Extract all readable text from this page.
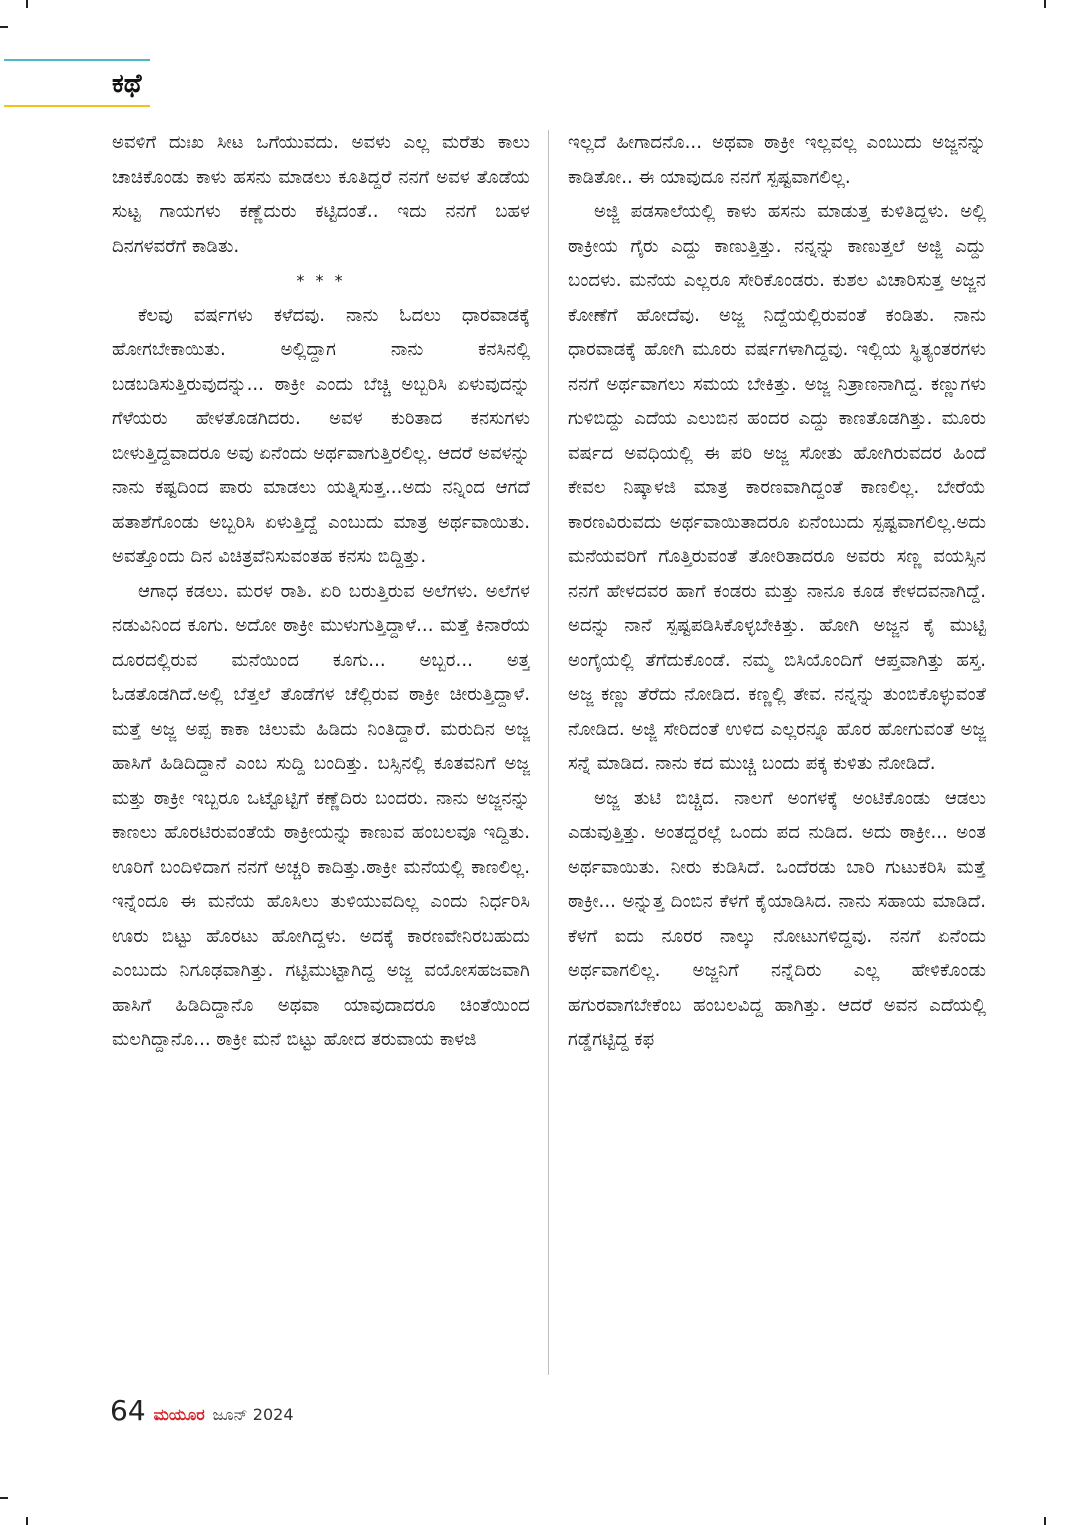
ಕಥೆ

ಅವಳಿಗೆ ದುಃಖ ಸೀಟ ಒಗೆಯುವದು. ಅವಳು ಎಲ್ಲ ಮರೆತು ಕಾಲು ಚಾಚಿಕೊಂಡು ಕಾಳು ಹಸನು ಮಾಡಲು ಕೂತಿದ್ದರೆ ನನಗೆ ಅವಳ ತೊಡೆಯ ಸುಟ್ಟ ಗಾಯಗಳು ಕಣ್ಣೆದುರು ಕಟ್ಟಿದಂತೆ.. ಇದು ನನಗೆ ಬಹಳ ದಿನಗಳವರೆಗೆ ಕಾಡಿತು.

* * *

ಕೆಲವು ವರ್ಷಗಳು ಕಳೆದವು. ನಾನು ಓದಲು ಧಾರವಾಡಕ್ಕೆ ಹೋಗಬೇಕಾಯಿತು. ಅಲ್ಲಿದ್ದಾಗ ನಾನು ಕನಸಿನಲ್ಲಿ ಬಡಬಡಿಸುತ್ತಿರುವುದನ್ನು... ಠಾಕ್ರೀ ಎಂದು ಬೆಚ್ಚಿ ಅಬ್ಬರಿಸಿ ಏಳುವುದನ್ನು ಗೆಳೆಯರು ಹೇಳತೊಡಗಿದರು. ಅವಳ ಕುರಿತಾದ ಕನಸುಗಳು ಬೀಳುತ್ತಿದ್ದವಾದರೂ ಅವು ಏನೆಂದು ಅರ್ಥವಾಗುತ್ತಿರಲಿಲ್ಲ. ಆದರೆ ಅವಳನ್ನು ನಾನು ಕಷ್ಟದಿಂದ ಪಾರು ಮಾಡಲು ಯತ್ನಿಸುತ್ತ...ಅದು ನನ್ನಿಂದ ಆಗದೆ ಹತಾಶೆಗೊಂಡು ಅಬ್ಬರಿಸಿ ಏಳುತ್ತಿದ್ದೆ ಎಂಬುದು ಮಾತ್ರ ಅರ್ಥವಾಯಿತು. ಅವತ್ತೊಂದು ದಿನ ವಿಚಿತ್ರವೆನಿಸುವಂತಹ ಕನಸು ಬಿದ್ದಿತ್ತು.

ಆಗಾಧ ಕಡಲು. ಮರಳ ರಾಶಿ. ಏರಿ ಬರುತ್ತಿರುವ ಅಲೆಗಳು. ಅಲೆಗಳ ನಡುವಿನಿಂದ ಕೂಗು. ಅದೋ ಠಾಕ್ರೀ ಮುಳುಗುತ್ತಿದ್ದಾಳೆ... ಮತ್ತೆ ಕಿನಾರೆಯ ದೂರದಲ್ಲಿರುವ ಮನೆಯಿಂದ ಕೂಗು... ಅಬ್ಬರ... ಅತ್ತ ಓಡತೊಡಗಿದೆ.ಅಲ್ಲಿ ಬೆತ್ತಲೆ ತೊಡೆಗಳ ಚೆಲ್ಲಿರುವ ಠಾಕ್ರೀ ಚೀರುತ್ತಿದ್ದಾಳೆ. ಮತ್ತೆ ಅಜ್ಜ ಅಪ್ಪ ಕಾಕಾ ಚಿಲುಮೆ ಹಿಡಿದು ನಿಂತಿದ್ದಾರೆ. ಮರುದಿನ ಅಜ್ಜ ಹಾಸಿಗೆ ಹಿಡಿದಿದ್ದಾನೆ ಎಂಬ ಸುದ್ದಿ ಬಂದಿತ್ತು. ಬಸ್ಸಿನಲ್ಲಿ ಕೂತವನಿಗೆ ಅಜ್ಜ ಮತ್ತು ಠಾಕ್ರೀ ಇಬ್ಬರೂ ಒಟ್ಟೊಟ್ಟಿಗೆ ಕಣ್ಣೆದಿರು ಬಂದರು. ನಾನು ಅಜ್ಜನನ್ನು ಕಾಣಲು ಹೊರಟಿರುವಂತೆಯೆ ಠಾಕ್ರೀಯನ್ನು ಕಾಣುವ ಹಂಬಲವೂ ಇದ್ದಿತು. ಊರಿಗೆ ಬಂದಿಳಿದಾಗ ನನಗೆ ಅಚ್ಚರಿ ಕಾದಿತ್ತು.ಠಾಕ್ರೀ ಮನೆಯಲ್ಲಿ ಕಾಣಲಿಲ್ಲ. ಇನ್ನೆಂದೂ ಈ ಮನೆಯ ಹೊಸಿಲು ತುಳಿಯುವದಿಲ್ಲ ಎಂದು ನಿರ್ಧರಿಸಿ ಊರು ಬಿಟ್ಟು ಹೊರಟು ಹೋಗಿದ್ದಳು. ಅದಕ್ಕೆ ಕಾರಣವೇನಿರಬಹುದು ಎಂಬುದು ನಿಗೂಢವಾಗಿತ್ತು. ಗಟ್ಟಿಮುಟ್ಟಾಗಿದ್ದ ಅಜ್ಜ ವಯೋಸಹಜವಾಗಿ ಹಾಸಿಗೆ ಹಿಡಿದಿದ್ದಾನೊ ಅಥವಾ ಯಾವುದಾದರೂ ಚಿಂತೆಯಿಂದ ಮಲಗಿದ್ದಾನೊ... ಠಾಕ್ರೀ ಮನೆ ಬಿಟ್ಟು ಹೋದ ತರುವಾಯ ಕಾಳಜಿ

ಇಲ್ಲದೆ ಹೀಗಾದನೊ... ಅಥವಾ ಠಾಕ್ರೀ ಇಲ್ಲವಲ್ಲ ಎಂಬುದು ಅಜ್ಜನನ್ನು ಕಾಡಿತೋ.. ಈ ಯಾವುದೂ ನನಗೆ ಸ್ಪಷ್ಟವಾಗಲಿಲ್ಲ.

ಅಜ್ಜಿ ಪಡಸಾಲೆಯಲ್ಲಿ ಕಾಳು ಹಸನು ಮಾಡುತ್ತ ಕುಳಿತಿದ್ದಳು. ಅಲ್ಲಿ ಠಾಕ್ರೀಯ ಗೈರು ಎದ್ದು ಕಾಣುತ್ತಿತ್ತು. ನನ್ನನ್ನು ಕಾಣುತ್ತಲೆ ಅಜ್ಜಿ ಎದ್ದು ಬಂದಳು. ಮನೆಯ ಎಲ್ಲರೂ ಸೇರಿಕೊಂಡರು. ಕುಶಲ ವಿಚಾರಿಸುತ್ತ ಅಜ್ಜನ ಕೋಣೆಗೆ ಹೋದೆವು. ಅಜ್ಜ ನಿದ್ದೆಯಲ್ಲಿರುವಂತೆ ಕಂಡಿತು. ನಾನು ಧಾರವಾಡಕ್ಕೆ ಹೋಗಿ ಮೂರು ವರ್ಷಗಳಾಗಿದ್ದವು. ಇಲ್ಲಿಯ ಸ್ಥಿತ್ಯಂತರಗಳು ನನಗೆ ಅರ್ಥವಾಗಲು ಸಮಯ ಬೇಕಿತ್ತು. ಅಜ್ಜ ನಿತ್ರಾಣನಾಗಿದ್ದ. ಕಣ್ಣುಗಳು ಗುಳಿಬಿದ್ದು ಎದೆಯ ಎಲುಬಿನ ಹಂದರ ಎದ್ದು ಕಾಣತೊಡಗಿತ್ತು. ಮೂರು ವರ್ಷದ ಅವಧಿಯಲ್ಲಿ ಈ ಪರಿ ಅಜ್ಜ ಸೋತು ಹೋಗಿರುವದರ ಹಿಂದೆ ಕೇವಲ ನಿಷ್ಕಾಳಜಿ ಮಾತ್ರ ಕಾರಣವಾಗಿದ್ದಂತೆ ಕಾಣಲಿಲ್ಲ. ಬೇರೆಯೆ ಕಾರಣವಿರುವದು ಅರ್ಥವಾಯಿತಾದರೂ ಏನೆಂಬುದು ಸ್ಪಷ್ಟವಾಗಲಿಲ್ಲ.ಅದು ಮನೆಯವರಿಗೆ ಗೊತ್ತಿರುವಂತೆ ತೋರಿತಾದರೂ ಅವರು ಸಣ್ಣ ವಯಸ್ಸಿನ ನನಗೆ ಹೇಳದವರ ಹಾಗೆ ಕಂಡರು ಮತ್ತು ನಾನೂ ಕೂಡ ಕೇಳದವನಾಗಿದ್ದೆ. ಅದನ್ನು ನಾನೆ ಸ್ಪಷ್ಟಪಡಿಸಿಕೊಳ್ಳಬೇಕಿತ್ತು. ಹೋಗಿ ಅಜ್ಜನ ಕೈ ಮುಟ್ಟಿ ಅಂಗೈಯಲ್ಲಿ ತೆಗೆದುಕೊಂಡೆ. ನಮ್ಮ ಬಿಸಿಯೊಂದಿಗೆ ಆಪ್ತವಾಗಿತ್ತು ಹಸ್ತ. ಅಜ್ಜ ಕಣ್ಣು ತೆರೆದು ನೋಡಿದ. ಕಣ್ಣಲ್ಲಿ ತೇವ. ನನ್ನನ್ನು ತುಂಬಿಕೊಳ್ಳುವಂತೆ ನೋಡಿದ. ಅಜ್ಜಿ ಸೇರಿದಂತೆ ಉಳಿದ ಎಲ್ಲರನ್ನೂ ಹೊರ ಹೋಗುವಂತೆ ಅಜ್ಜ ಸನ್ನೆ ಮಾಡಿದ. ನಾನು ಕದ ಮುಚ್ಚಿ ಬಂದು ಪಕ್ಕ ಕುಳಿತು ನೋಡಿದೆ.

ಅಜ್ಜ ತುಟಿ ಬಿಚ್ಚಿದ. ನಾಲಗೆ ಅಂಗಳಕ್ಕೆ ಅಂಟಿಕೊಂಡು ಆಡಲು ಎಡುವುತ್ತಿತ್ತು. ಅಂತದ್ದರಲ್ಲೆ ಒಂದು ಪದ ನುಡಿದ. ಅದು ಠಾಕ್ರೀ... ಅಂತ ಅರ್ಥವಾಯಿತು. ನೀರು ಕುಡಿಸಿದೆ. ಒಂದೆರಡು ಬಾರಿ ಗುಟುಕರಿಸಿ ಮತ್ತೆ ಠಾಕ್ರೀ... ಅನ್ನುತ್ತ ದಿಂಬಿನ ಕೆಳಗೆ ಕೈಯಾಡಿಸಿದ. ನಾನು ಸಹಾಯ ಮಾಡಿದೆ. ಕೆಳಗೆ ಐದು ನೂರರ ನಾಲ್ಕು ನೋಟುಗಳಿದ್ದವು. ನನಗೆ ಏನೆಂದು ಅರ್ಥವಾಗಲಿಲ್ಲ. ಅಜ್ಜನಿಗೆ ನನ್ನೆದಿರು ಎಲ್ಲ ಹೇಳಿಕೊಂಡು ಹಗುರವಾಗಬೇಕೆಂಬ ಹಂಬಲವಿದ್ದ ಹಾಗಿತ್ತು. ಆದರೆ ಅವನ ಎದೆಯಲ್ಲಿ ಗಡ್ಡೆಗಟ್ಟಿದ್ದ ಕಫ

64 ಮಯೂರ ಜೂನ್ 2024
